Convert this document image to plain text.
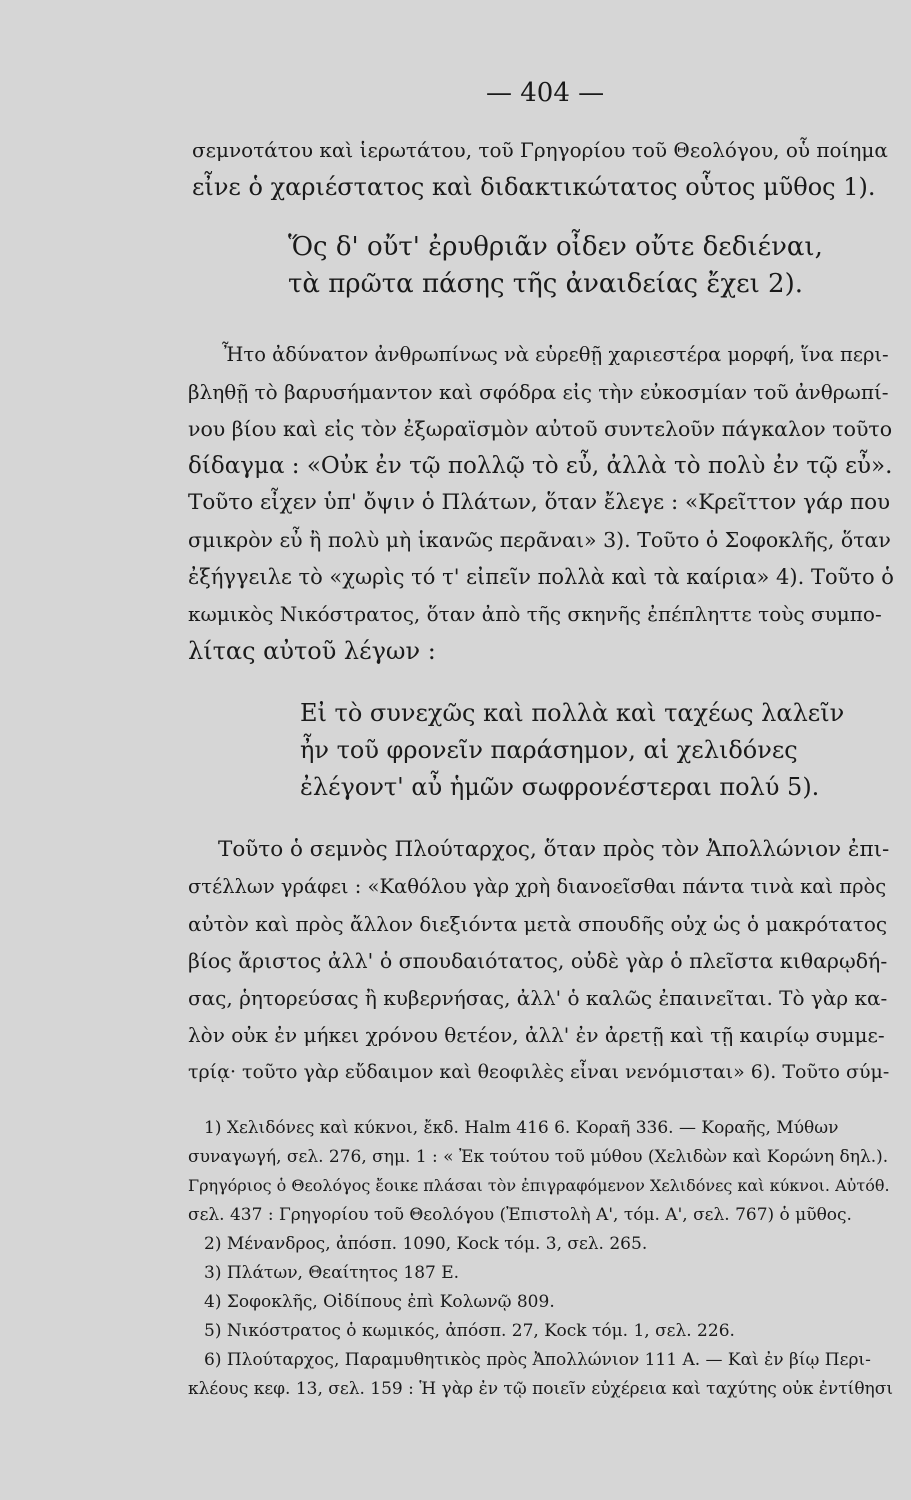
— 404 —
σεμνοτάτου καὶ ἱερωτάτου, τοῦ Γρηγορίου τοῦ Θεολόγου, οὗ ποίημα
εἶνε ὁ χαριέστατος καὶ διδακτικώτατος οὗτος μῦθος 1).
Ὅς δ' οὔτ' ἐρυθριᾶν οἶδεν οὔτε δεδιέναι,
τὰ πρῶτα πάσης τῆς ἀναιδείας ἔχει 2).
Ἦτο ἀδύνατον ἀνθρωπίνως νὰ εὑρεθῇ χαριεστέρα μορφή, ἵνα περι-
βληθῇ τὸ βαρυσήμαντον καὶ σφόδρα εἰς τὴν εὐκοσμίαν τοῦ ἀνθρωπί-
νου βίου καὶ εἰς τὸν ἐξωραϊσμὸν αὐτοῦ συντελοῦν πάγκαλον τοῦτο
δίδαγμα : «Οὐκ ἐν τῷ πολλῷ τὸ εὖ, ἀλλὰ τὸ πολὺ ἐν τῷ εὖ».
Τοῦτο εἶχεν ὑπ' ὄψιν ὁ Πλάτων, ὅταν ἔλεγε : «Κρεῖττον γάρ που
σμικρὸν εὖ ἢ πολὺ μὴ ἱκανῶς περᾶναι» 3). Τοῦτο ὁ Σοφοκλῆς, ὅταν
ἐξήγγειλε τὸ «χωρὶς τό τ' εἰπεῖν πολλὰ καὶ τὰ καίρια» 4). Τοῦτο ὁ
κωμικὸς Νικόστρατος, ὅταν ἀπὸ τῆς σκηνῆς ἐπέπληττε τοὺς συμπο-
λίτας αὐτοῦ λέγων :
Εἰ τὸ συνεχῶς καὶ πολλὰ καὶ ταχέως λαλεῖν
ἦν τοῦ φρονεῖν παράσημον, αἱ χελιδόνες
ἐλέγοντ' αὖ ἡμῶν σωφρονέστεραι πολύ 5).
Τοῦτο ὁ σεμνὸς Πλούταρχος, ὅταν πρὸς τὸν Ἀπολλώνιον ἐπι-
στέλλων γράφει : «Καθόλου γὰρ χρὴ διανοεῖσθαι πάντα τινὰ καὶ πρὸς
αὐτὸν καὶ πρὸς ἄλλον διεξιόντα μετὰ σπουδῆς οὐχ ὡς ὁ μακρότατος
βίος ἄριστος ἀλλ' ὁ σπουδαιότατος, οὐδὲ γὰρ ὁ πλεῖστα κιθαρῳδή-
σας, ῥητορεύσας ἢ κυβερνήσας, ἀλλ' ὁ καλῶς ἐπαινεῖται. Τὸ γὰρ κα-
λὸν οὐκ ἐν μήκει χρόνου θετέον, ἀλλ' ἐν ἀρετῇ καὶ τῇ καιρίῳ συμμε-
τρίᾳ· τοῦτο γὰρ εὔδαιμον καὶ θεοφιλὲς εἶναι νενόμισται» 6). Τοῦτο σύμ-
1) Χελιδόνες καὶ κύκνοι, ἔκδ. Halm 416 6. Κοραῆ 336. — Κοραῆς, Μύθων
συναγωγή, σελ. 276, σημ. 1 : « Ἐκ τούτου τοῦ μύθου (Χελιδὼν καὶ Κορώνη δηλ.).
Γρηγόριος ὁ Θεολόγος ἔοικε πλάσαι τὸν ἐπιγραφόμενον Χελιδόνες καὶ κύκνοι. Αὐτόθ.
σελ. 437 : Γρηγορίου τοῦ Θεολόγου (Ἐπιστολὴ Α', τόμ. Α', σελ. 767) ὁ μῦθος.
2) Μένανδρος, ἀπόσπ. 1090, Kock τόμ. 3, σελ. 265.
3) Πλάτων, Θεαίτητος 187 E.
4) Σοφοκλῆς, Οἰδίπους ἐπὶ Κολωνῷ 809.
5) Νικόστρατος ὁ κωμικός, ἀπόσπ. 27, Kock τόμ. 1, σελ. 226.
6) Πλούταρχος, Παραμυθητικὸς πρὸς Ἀπολλώνιον 111 A. — Καὶ ἐν βίῳ Περι-
κλέους κεφ. 13, σελ. 159 : Ἡ γὰρ ἐν τῷ ποιεῖν εὐχέρεια καὶ ταχύτης οὐκ ἐντίθησι
